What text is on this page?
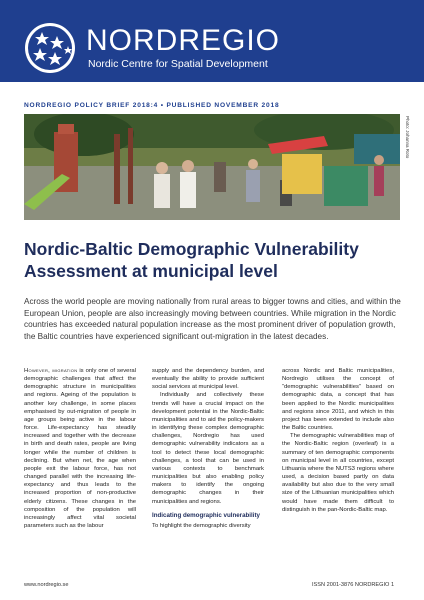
NORDREGIO
Nordic Centre for Spatial Development
NORDREGIO POLICY BRIEF 2018:4 • PUBLISHED NOVEMBER 2018
Photo: Johanna Roto
Nordic-Baltic Demographic Vulnerability Assessment at municipal level

Across the world people are moving nationally from rural areas to bigger towns and cities, and within the European Union, people are also increasingly moving between countries. While migration in the Nordic countries has exceeded natural population increase as the most prominent driver of population growth, the Baltic countries have experienced significant out-migration in the latest decades.

However, migration is only one of several demographic challenges that affect the demographic structure in municipalities and regions. Ageing of the population is another key challenge, in some places emphasised by out-migration of people in age groups being active in the labour force. Life-expectancy has steadily increased and together with the decrease in birth and death rates, people are living longer while the number of children is declining. But when net, the age when people exit the labour force, has not changed parallel with the increasing life-expectancy and thus leads to the increased proportion of non-productive elderly citizens. These changes in the composition of the population will increasingly affect vital societal parameters such as the labour

supply and the dependency burden, and eventually the ability to provide sufficient social services at municipal level.

Individually and collectively these trends will have a crucial impact on the development potential in the Nordic-Baltic municipalities and to aid the policy-makers in identifying these complex demographic challenges, Nordregio has used demographic vulnerability indicators as a tool to detect these local demographic challenges, a tool that can be used in various contexts to benchmark municipalities but also enabling policy makers to identify the ongoing demographic changes in their municipalities and regions.

Indicating demographic vulnerability

To highlight the demographic diversity

across Nordic and Baltic municipalities, Nordregio utilises the concept of “demographic vulnerabilities” based on demographic data, a concept that has been applied to the Nordic municipalities and regions since 2011, and which in this project has been extended to include also the Baltic countries.

The demographic vulnerabilities map of the Nordic-Baltic region (overleaf) is a summary of ten demographic components on municipal level in all countries, except Lithuania where the NUTS3 regions where used, a decision based partly on data availability but also due to the very small size of the Lithuanian municipalities which would have made them difficult to distinguish in the pan-Nordic-Baltic map.

www.nordregio.se	ISSN 2001-3876 NORDREGIO 1
